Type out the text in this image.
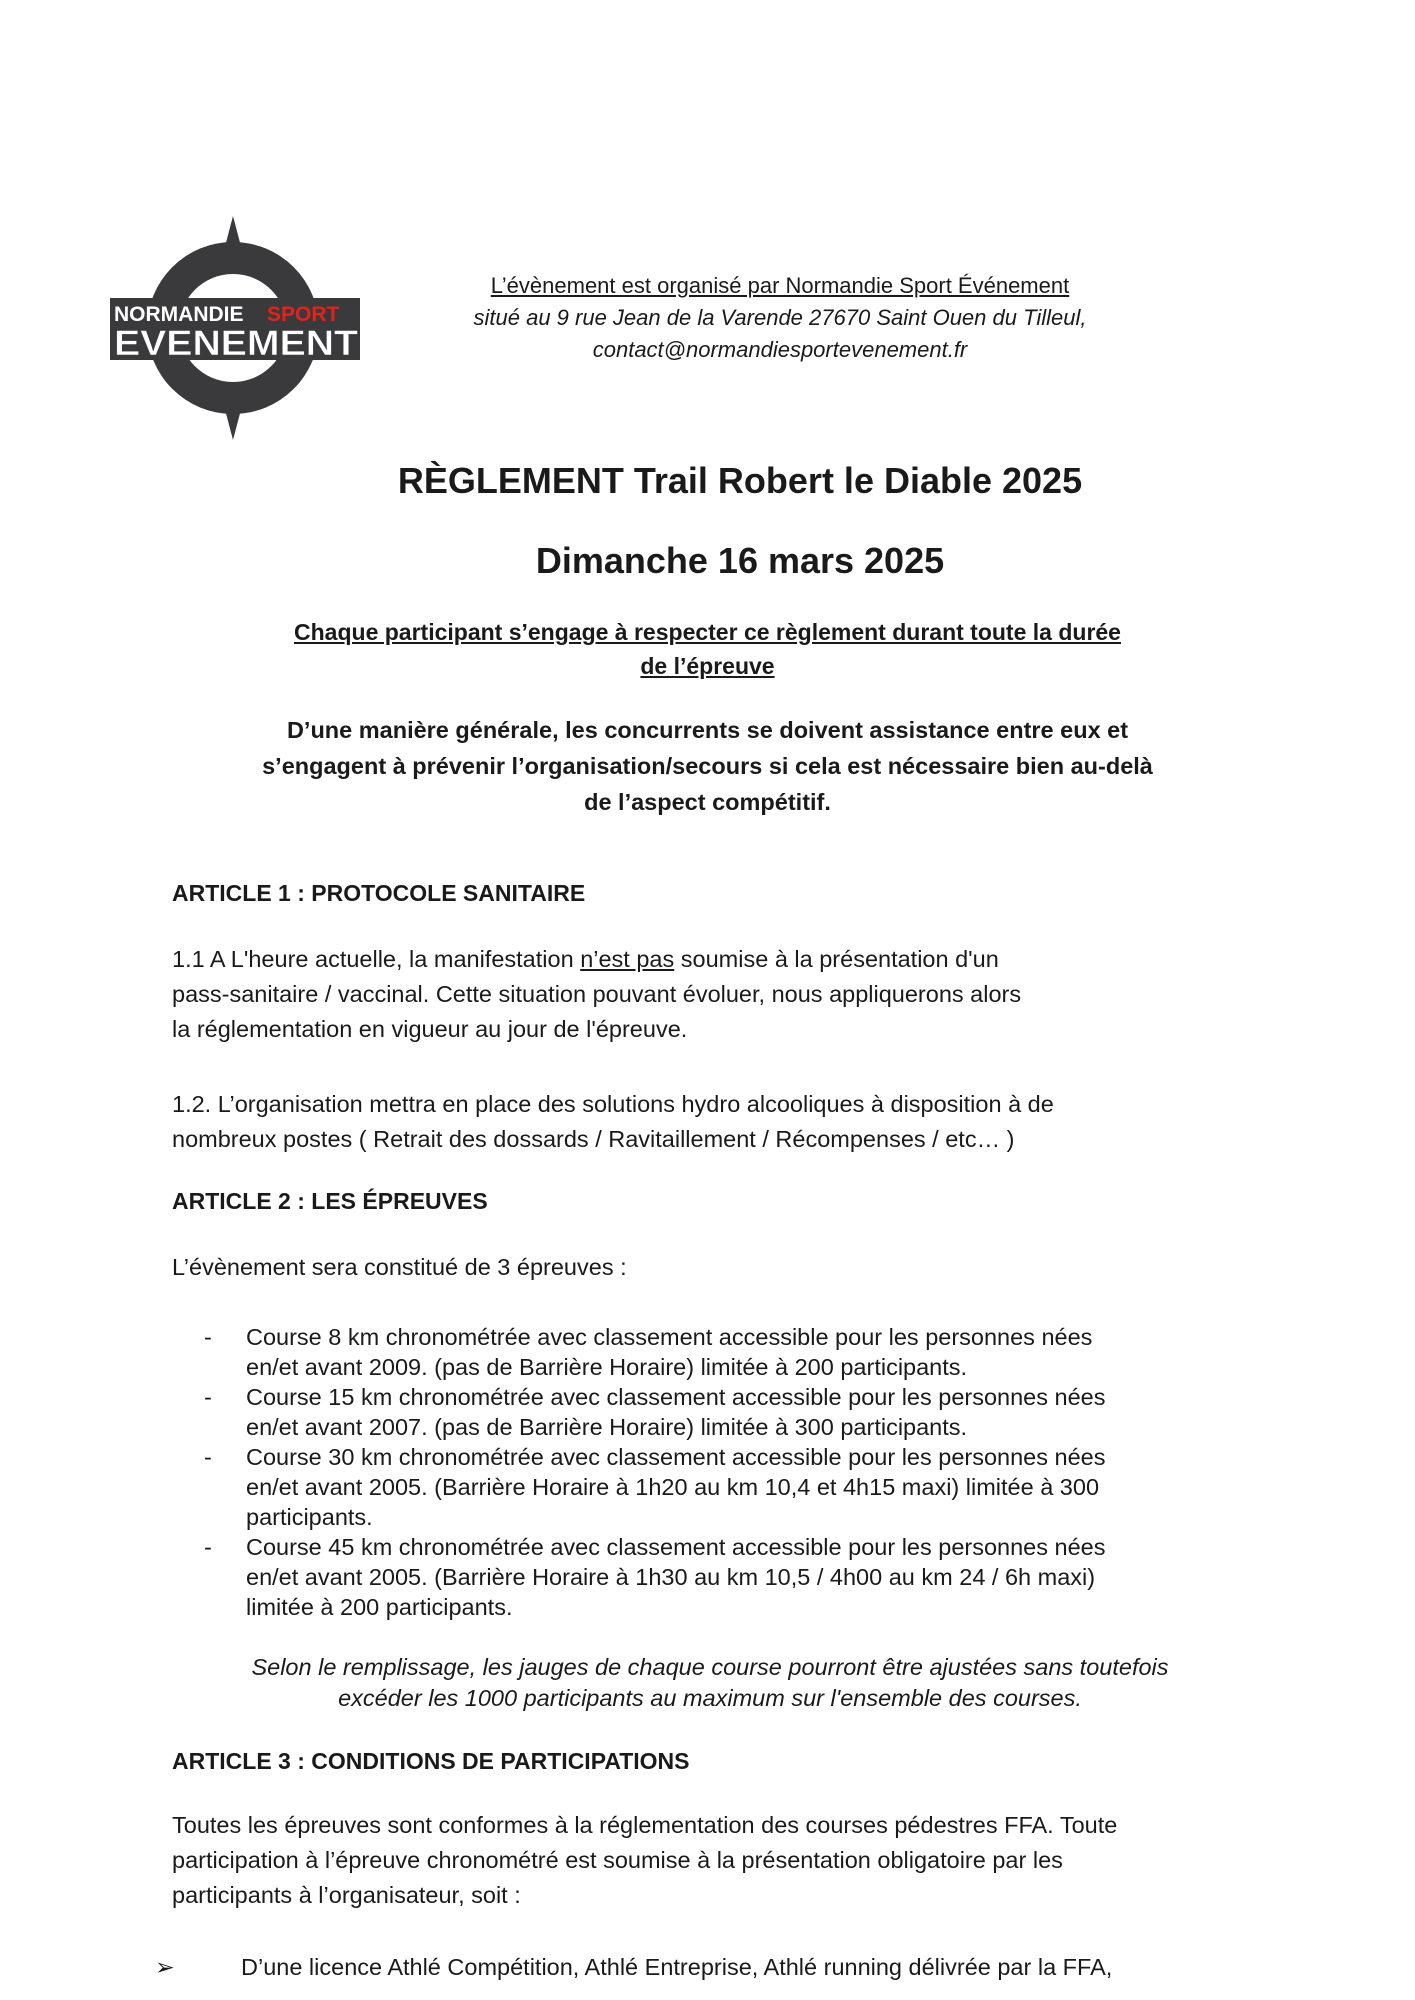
NORMANDIE SPORT
EVENEMENT
L’évènement est organisé par Normandie Sport Événement
situé au 9 rue Jean de la Varende 27670 Saint Ouen du Tilleul,
contact@normandiesportevenement.fr
RÈGLEMENT Trail Robert le Diable 2025
Dimanche 16 mars 2025
Chaque participant s’engage à respecter ce règlement durant toute la durée
de l’épreuve
D’une manière générale, les concurrents se doivent assistance entre eux et
s’engagent à prévenir l’organisation/secours si cela est nécessaire bien au-delà
de l’aspect compétitif.
ARTICLE 1 : PROTOCOLE SANITAIRE
1.1 A L'heure actuelle, la manifestation n’est pas soumise à la présentation d'un
pass-sanitaire / vaccinal. Cette situation pouvant évoluer, nous appliquerons alors
la réglementation en vigueur au jour de l'épreuve.
1.2. L’organisation mettra en place des solutions hydro alcooliques à disposition à de
nombreux postes ( Retrait des dossards / Ravitaillement / Récompenses / etc… )
ARTICLE 2 : LES ÉPREUVES
L’évènement sera constitué de 3 épreuves :
- Course 8 km chronométrée avec classement accessible pour les personnes nées
en/et avant 2009. (pas de Barrière Horaire) limitée à 200 participants.
- Course 15 km chronométrée avec classement accessible pour les personnes nées
en/et avant 2007. (pas de Barrière Horaire) limitée à 300 participants.
- Course 30 km chronométrée avec classement accessible pour les personnes nées
en/et avant 2005. (Barrière Horaire à 1h20 au km 10,4 et 4h15 maxi) limitée à 300
participants.
- Course 45 km chronométrée avec classement accessible pour les personnes nées
en/et avant 2005. (Barrière Horaire à 1h30 au km 10,5 / 4h00 au km 24 / 6h maxi)
limitée à 200 participants.
Selon le remplissage, les jauges de chaque course pourront être ajustées sans toutefois
excéder les 1000 participants au maximum sur l'ensemble des courses.
ARTICLE 3 : CONDITIONS DE PARTICIPATIONS
Toutes les épreuves sont conformes à la réglementation des courses pédestres FFA. Toute
participation à l’épreuve chronométré est soumise à la présentation obligatoire par les
participants à l’organisateur, soit :
➢	D’une licence Athlé Compétition, Athlé Entreprise, Athlé running délivrée par la FFA,
